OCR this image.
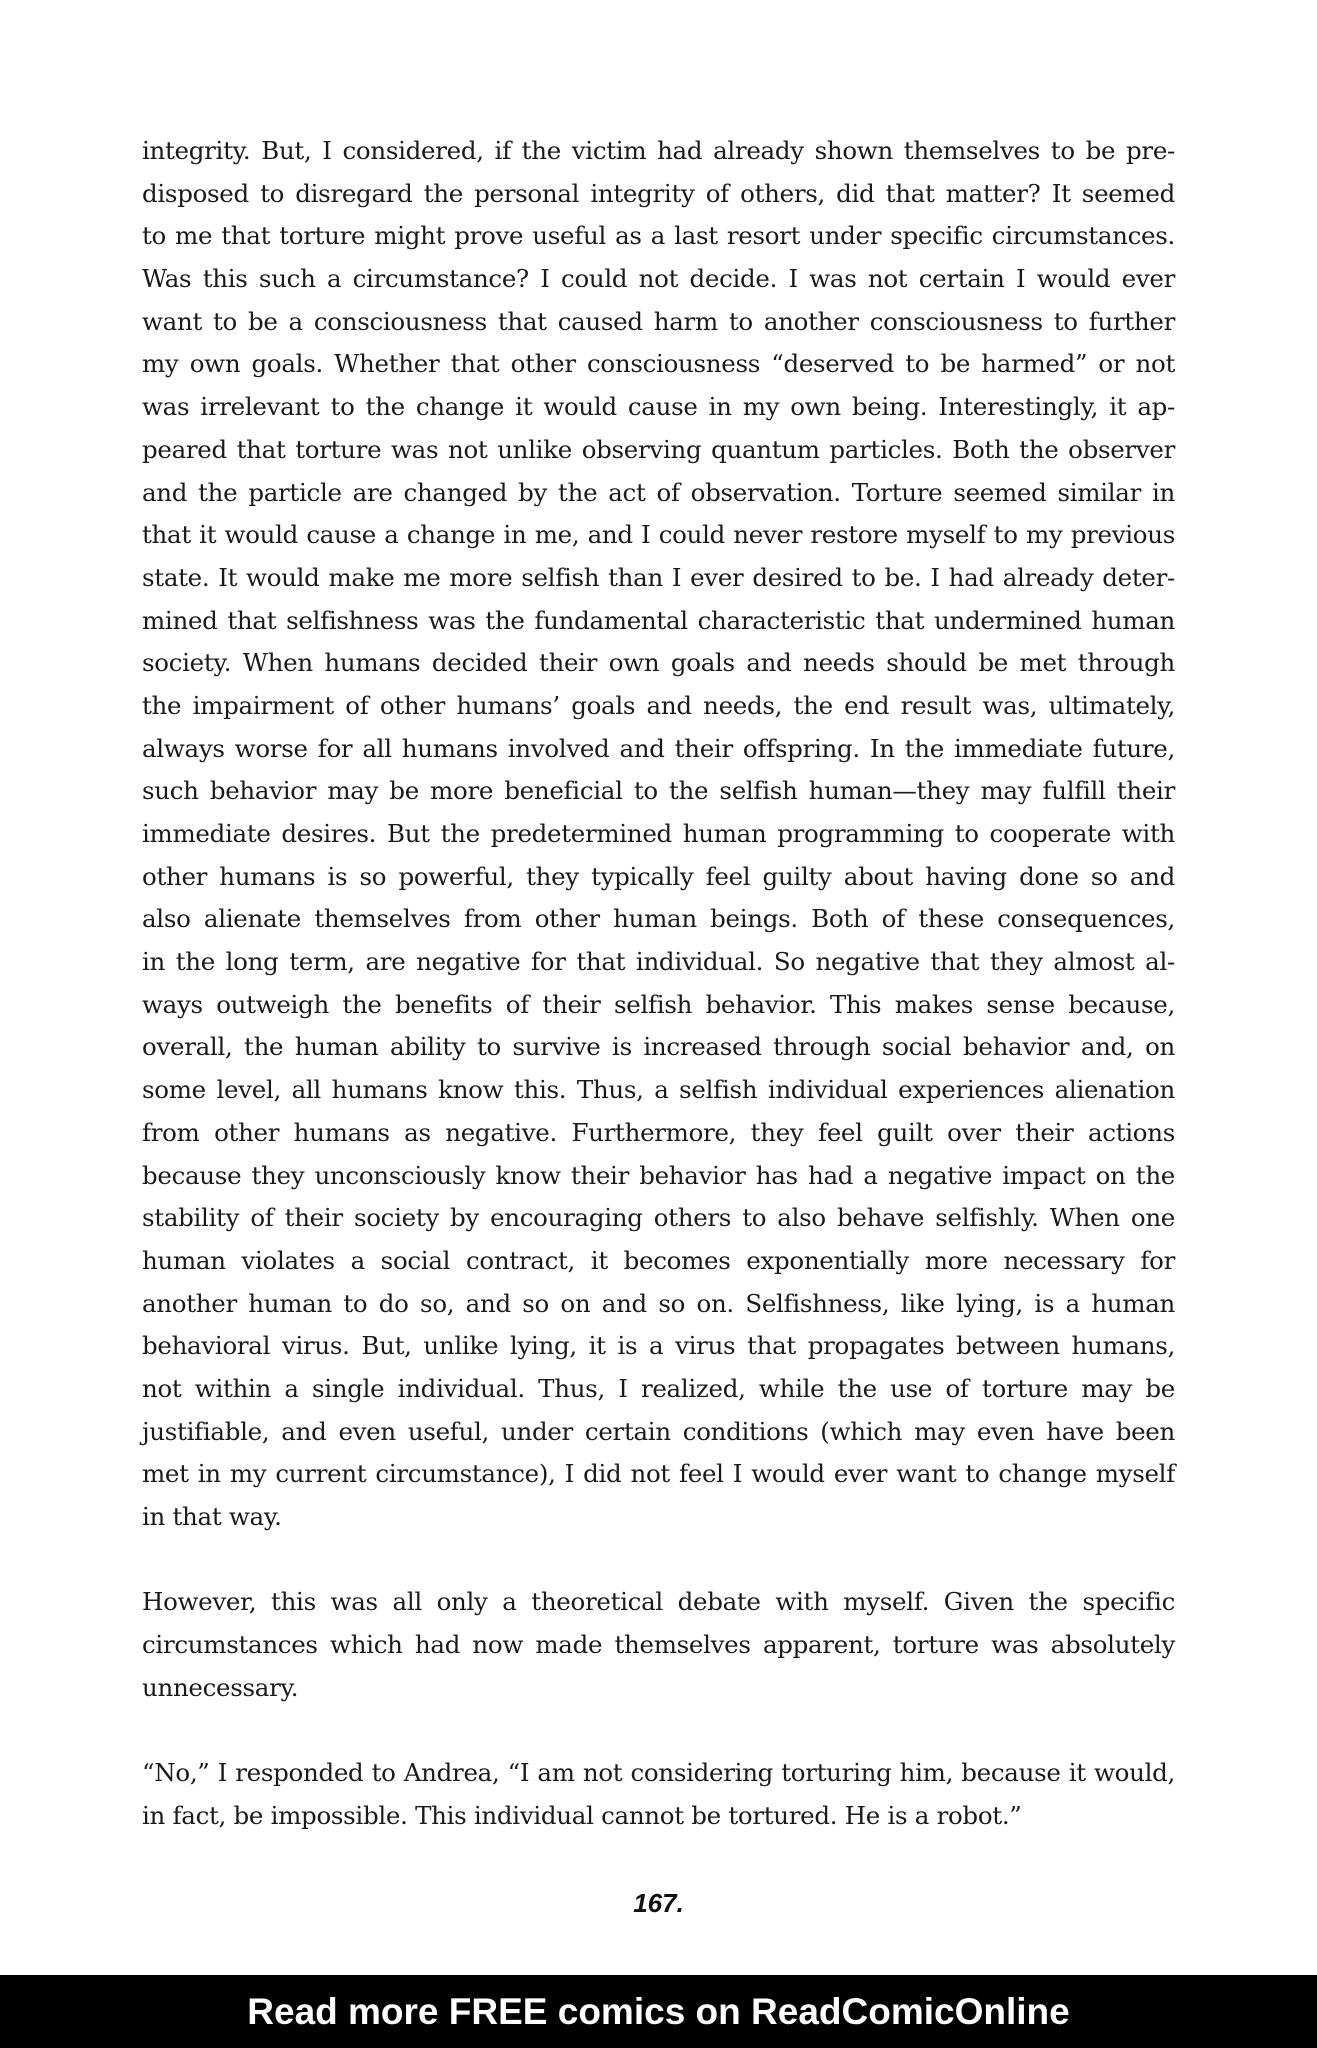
integrity. But, I considered, if the victim had already shown themselves to be pre-
disposed to disregard the personal integrity of others, did that matter? It seemed
to me that torture might prove useful as a last resort under specific circumstances.
Was this such a circumstance? I could not decide. I was not certain I would ever
want to be a consciousness that caused harm to another consciousness to further
my own goals. Whether that other consciousness “deserved to be harmed” or not
was irrelevant to the change it would cause in my own being. Interestingly, it ap-
peared that torture was not unlike observing quantum particles. Both the observer
and the particle are changed by the act of observation. Torture seemed similar in
that it would cause a change in me, and I could never restore myself to my previous
state. It would make me more selfish than I ever desired to be. I had already deter-
mined that selfishness was the fundamental characteristic that undermined human
society. When humans decided their own goals and needs should be met through
the impairment of other humans’ goals and needs, the end result was, ultimately,
always worse for all humans involved and their offspring. In the immediate future,
such behavior may be more beneficial to the selfish human—they may fulfill their
immediate desires. But the predetermined human programming to cooperate with
other humans is so powerful, they typically feel guilty about having done so and
also alienate themselves from other human beings. Both of these consequences,
in the long term, are negative for that individual. So negative that they almost al-
ways outweigh the benefits of their selfish behavior. This makes sense because,
overall, the human ability to survive is increased through social behavior and, on
some level, all humans know this. Thus, a selfish individual experiences alienation
from other humans as negative. Furthermore, they feel guilt over their actions
because they unconsciously know their behavior has had a negative impact on the
stability of their society by encouraging others to also behave selfishly. When one
human violates a social contract, it becomes exponentially more necessary for
another human to do so, and so on and so on. Selfishness, like lying, is a human
behavioral virus. But, unlike lying, it is a virus that propagates between humans,
not within a single individual. Thus, I realized, while the use of torture may be
justifiable, and even useful, under certain conditions (which may even have been
met in my current circumstance), I did not feel I would ever want to change myself
in that way.
However, this was all only a theoretical debate with myself. Given the specific
circumstances which had now made themselves apparent, torture was absolutely
unnecessary.
“No,” I responded to Andrea, “I am not considering torturing him, because it would,
in fact, be impossible. This individual cannot be tortured. He is a robot.”
167.
Read more FREE comics on ReadComicOnline
